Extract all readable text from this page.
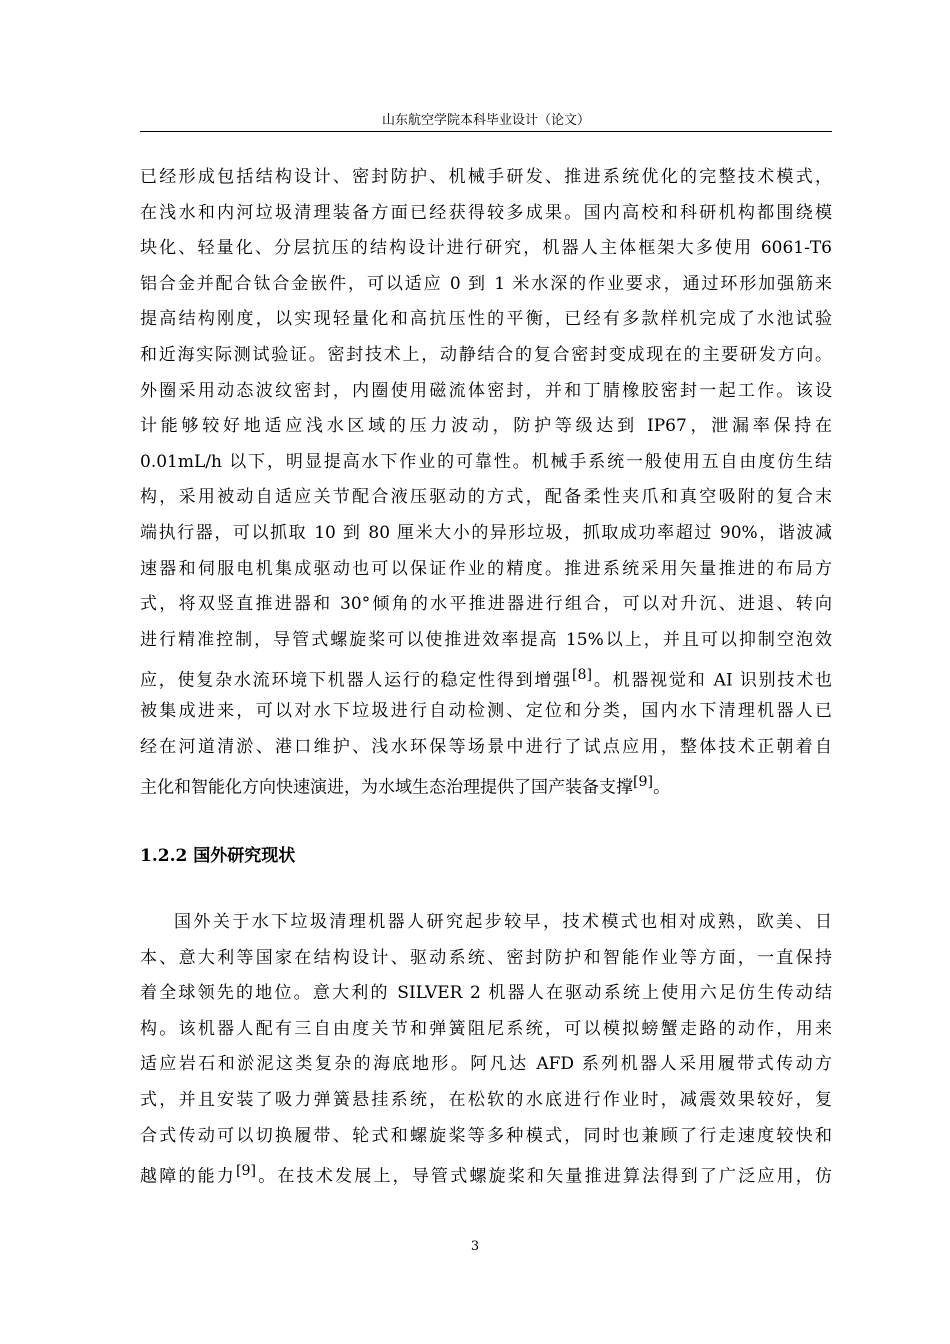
山东航空学院本科毕业设计（论文）
已经形成包括结构设计、密封防护、机械手研发、推进系统优化的完整技术模式，
在浅水和内河垃圾清理装备方面已经获得较多成果。国内高校和科研机构都围绕模
块化、轻量化、分层抗压的结构设计进行研究，机器人主体框架大多使用 6061-T6
铝合金并配合钛合金嵌件，可以适应 0 到 1 米水深的作业要求，通过环形加强筋来
提高结构刚度，以实现轻量化和高抗压性的平衡，已经有多款样机完成了水池试验
和近海实际测试验证。密封技术上，动静结合的复合密封变成现在的主要研发方向。
外圈采用动态波纹密封，内圈使用磁流体密封，并和丁腈橡胶密封一起工作。该设
计能够较好地适应浅水区域的压力波动，防护等级达到 IP67，泄漏率保持在
0.01mL/h 以下，明显提高水下作业的可靠性。机械手系统一般使用五自由度仿生结
构，采用被动自适应关节配合液压驱动的方式，配备柔性夹爪和真空吸附的复合末
端执行器，可以抓取 10 到 80 厘米大小的异形垃圾，抓取成功率超过 90%，谐波减
速器和伺服电机集成驱动也可以保证作业的精度。推进系统采用矢量推进的布局方
式，将双竖直推进器和 30°倾角的水平推进器进行组合，可以对升沉、进退、转向
进行精准控制，导管式螺旋桨可以使推进效率提高 15%以上，并且可以抑制空泡效
应，使复杂水流环境下机器人运行的稳定性得到增强[8]。机器视觉和 AI 识别技术也
被集成进来，可以对水下垃圾进行自动检测、定位和分类，国内水下清理机器人已
经在河道清淤、港口维护、浅水环保等场景中进行了试点应用，整体技术正朝着自
主化和智能化方向快速演进，为水域生态治理提供了国产装备支撑[9]。
1.2.2 国外研究现状
国外关于水下垃圾清理机器人研究起步较早，技术模式也相对成熟，欧美、日
本、意大利等国家在结构设计、驱动系统、密封防护和智能作业等方面，一直保持
着全球领先的地位。意大利的 SILVER 2 机器人在驱动系统上使用六足仿生传动结
构。该机器人配有三自由度关节和弹簧阻尼系统，可以模拟螃蟹走路的动作，用来
适应岩石和淤泥这类复杂的海底地形。阿凡达 AFD 系列机器人采用履带式传动方
式，并且安装了吸力弹簧悬挂系统，在松软的水底进行作业时，减震效果较好，复
合式传动可以切换履带、轮式和螺旋桨等多种模式，同时也兼顾了行走速度较快和
越障的能力[9]。在技术发展上，导管式螺旋桨和矢量推进算法得到了广泛应用，仿
3
